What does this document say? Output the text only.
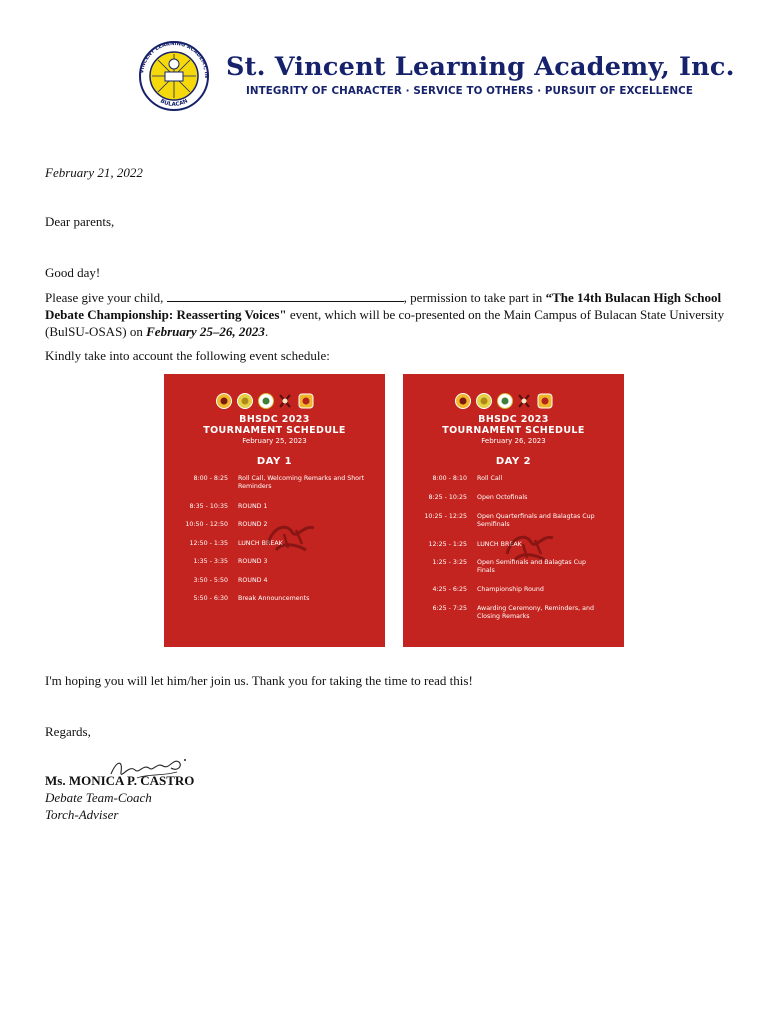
VINCENT LEARNING ACADEMY, IN
BULACAN
St. Vincent Learning Academy, Inc.
INTEGRITY OF CHARACTER · SERVICE TO OTHERS · PURSUIT OF EXCELLENCE
February 21, 2022
Dear parents,
Good day!
Please give your child,	, permission to take part in “The 14th Bulacan High School Debate Championship: Reasserting Voices" event, which will be co-presented on the Main Campus of Bulacan State University (BulSU-OSAS) on February 25–26, 2023.
Kindly take into account the following event schedule:
BHSDC 2023
TOURNAMENT SCHEDULE
February 25, 2023
DAY 1
8:00 - 8:25	Roll Call, Welcoming Remarks and Short Reminders
8:35 - 10:35	ROUND 1
10:50 - 12:50	ROUND 2
12:50 - 1:35	LUNCH BREAK
1:35 - 3:35	ROUND 3
3:50 - 5:50	ROUND 4
5:50 - 6:30	Break Announcements
BHSDC 2023
TOURNAMENT SCHEDULE
February 26, 2023
DAY 2
8:00 - 8:10	Roll Call
8:25 - 10:25	Open Octofinals
10:25 - 12:25	Open Quarterfinals and Balagtas Cup Semifinals
12:25 - 1:25	LUNCH BREAK
1:25 - 3:25	Open Semifinals and Balagtas Cup Finals
4:25 - 6:25	Championship Round
6:25 - 7:25	Awarding Ceremony, Reminders, and Closing Remarks
I'm hoping you will let him/her join us. Thank you for taking the time to read this!
Regards,
Ms. MONICA P. CASTRO
Debate Team-Coach
Torch-Adviser
